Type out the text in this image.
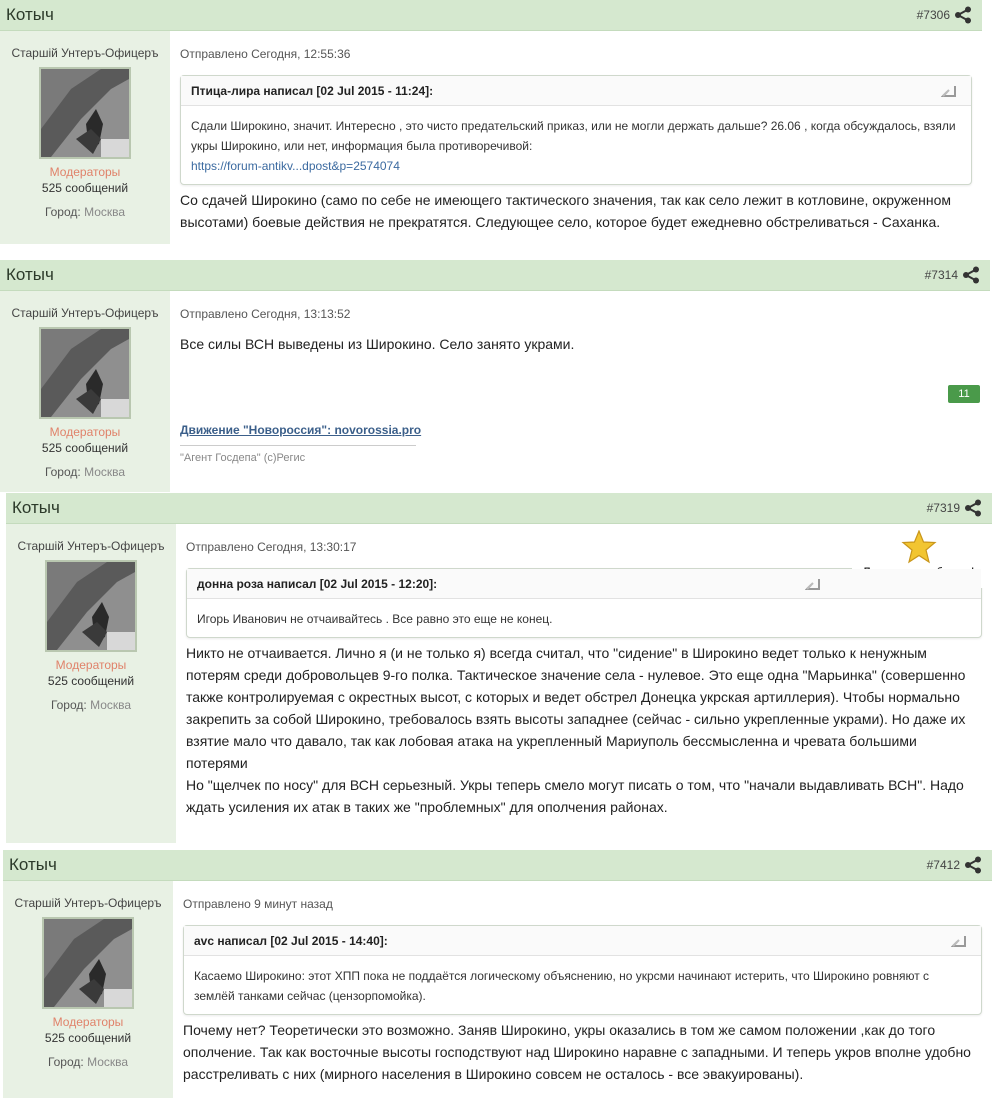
Котыч	#7306
Старшiй Унтеръ-Офицеръ
Модераторы
525 сообщений
Город: Москва
Отправлено Сегодня, 12:55:36
Птица-лира написал [02 Jul 2015 - 11:24]:
Сдали Широкино, значит. Интересно , это чисто предательский приказ, или не могли держать дальше? 26.06 , когда обсуждалось, взяли укры Широкино, или нет, информация была противоречивой:
https://forum-antikv...dpost&p=2574074
Со сдачей Широкино (само по себе не имеющего тактического значения, так как село лежит в котловине, окруженном высотами) боевые действия не прекратятся. Следующее село, которое будет ежедневно обстреливаться - Саханка.
Котыч	#7314
Старшiй Унтеръ-Офицеръ
Модераторы
525 сообщений
Город: Москва
Отправлено Сегодня, 13:13:52
Все силы ВСН выведены из Широкино. Село занято украми.
11
Движение "Новороссия": novorossia.pro
"Агент Госдепа" (с)Регис
Котыч	#7319
Старшiй Унтеръ-Офицеръ
Модераторы
525 сообщений
Город: Москва
Отправлено Сегодня, 13:30:17
донна роза написал [02 Jul 2015 - 12:20]:
Игорь Иванович не отчаивайтесь . Все равно это еще не конец.
Никто не отчаивается. Лично я (и не только я) всегда считал, что "сидение" в Широкино ведет только к ненужным потерям среди добровольцев 9-го полка. Тактическое значение села - нулевое. Это еще одна "Марьинка" (совершенно также контролируемая с окрестных высот, с которых и ведет обстрел Донецка укрская артиллерия). Чтобы нормально закрепить за собой Широкино, требовалось взять высоты западнее (сейчас - сильно укрепленные украми). Но даже их взятие мало что давало, так как лобовая атака на укрепленный Мариуполь бессмысленна и чревата большими потерями
Но "щелчек по носу" для ВСН серьезный. Укры теперь смело могут писать о том, что "начали выдавливать ВСН". Надо ждать усиления их атак в таких же "проблемных" для ополчения районах.
Котыч	#7412
Старшiй Унтеръ-Офицеръ
Модераторы
525 сообщений
Город: Москва
Отправлено 9 минут назад
avc написал [02 Jul 2015 - 14:40]:
Касаемо Широкино: этот ХПП пока не поддаётся логическому объяснению, но укрсми начинают истерить, что Широкино ровняют с землёй танками сейчас (цензорпомойка).
Почему нет? Теоретически это возможно. Заняв Широкино, укры оказались в том же самом положении ,как до того ополчение. Так как восточные высоты господствуют над Широкино наравне с западными. И теперь укров вполне удобно расстреливать с них (мирного населения в Широкино совсем не осталось - все эвакуированы).
